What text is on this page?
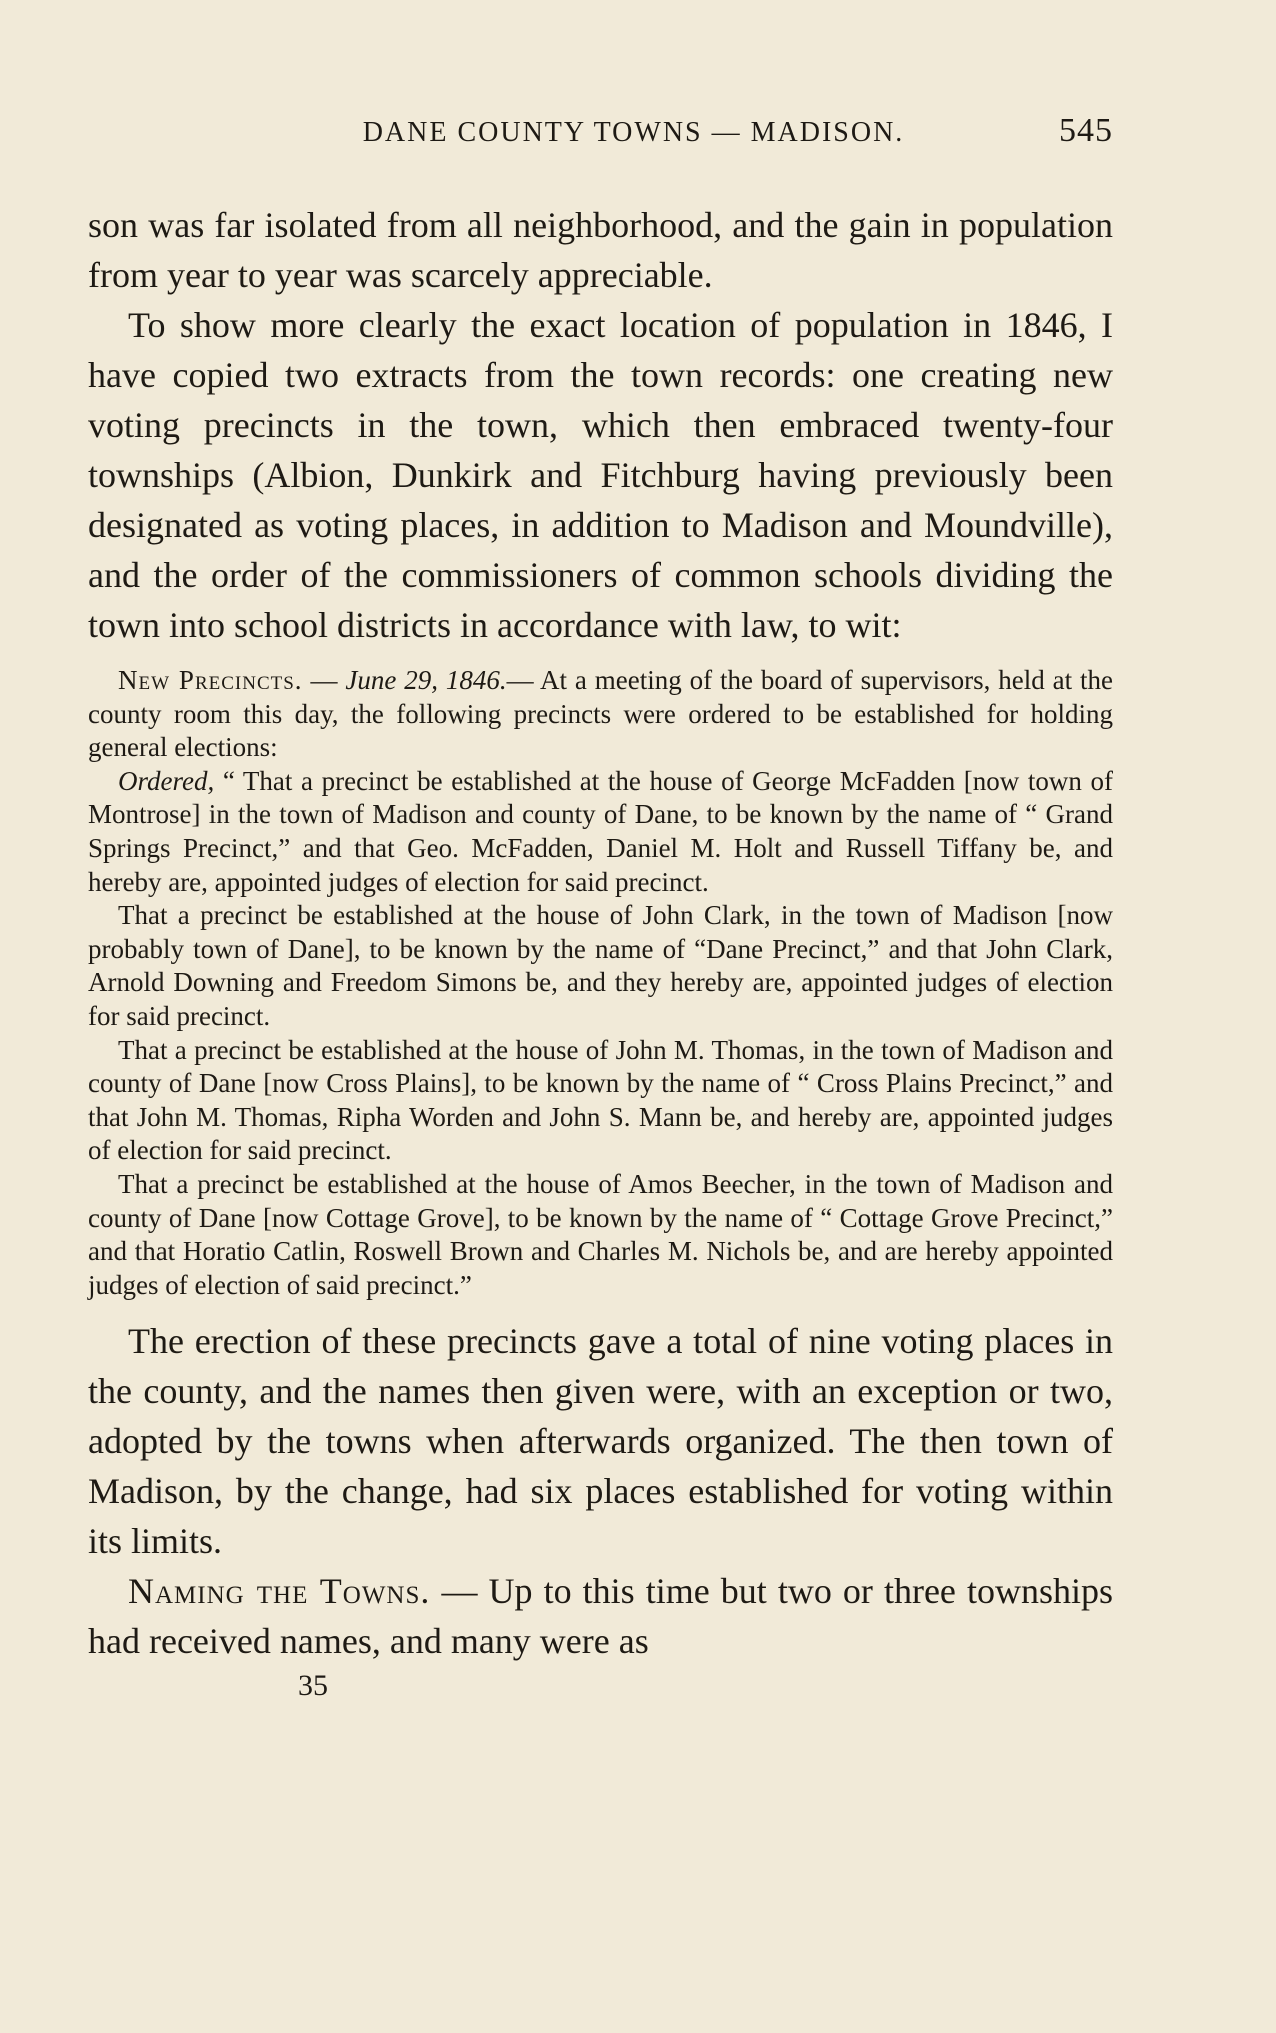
DANE COUNTY TOWNS — MADISON.	545

son was far isolated from all neighborhood, and the gain in population from year to year was scarcely appreciable.

To show more clearly the exact location of population in 1846, I have copied two extracts from the town records: one creating new voting precincts in the town, which then embraced twenty-four townships (Albion, Dunkirk and Fitchburg having previously been designated as voting places, in addition to Madison and Moundville), and the order of the commissioners of common schools dividing the town into school districts in accordance with law, to wit:

New Precincts. — June 29, 1846.— At a meeting of the board of supervisors, held at the county room this day, the following precincts were ordered to be established for holding general elections:

Ordered, “ That a precinct be established at the house of George McFadden [now town of Montrose] in the town of Madison and county of Dane, to be known by the name of “ Grand Springs Precinct,” and that Geo. McFadden, Daniel M. Holt and Russell Tiffany be, and hereby are, appointed judges of election for said precinct.

That a precinct be established at the house of John Clark, in the town of Madison [now probably town of Dane], to be known by the name of “Dane Precinct,” and that John Clark, Arnold Downing and Freedom Simons be, and they hereby are, appointed judges of election for said precinct.

That a precinct be established at the house of John M. Thomas, in the town of Madison and county of Dane [now Cross Plains], to be known by the name of “ Cross Plains Precinct,” and that John M. Thomas, Ripha Worden and John S. Mann be, and hereby are, appointed judges of election for said precinct.

That a precinct be established at the house of Amos Beecher, in the town of Madison and county of Dane [now Cottage Grove], to be known by the name of “ Cottage Grove Precinct,” and that Horatio Catlin, Roswell Brown and Charles M. Nichols be, and are hereby appointed judges of election of said precinct.”

The erection of these precincts gave a total of nine voting places in the county, and the names then given were, with an exception or two, adopted by the towns when afterwards organized. The then town of Madison, by the change, had six places established for voting within its limits.

Naming the Towns. — Up to this time but two or three townships had received names, and many were as

35
